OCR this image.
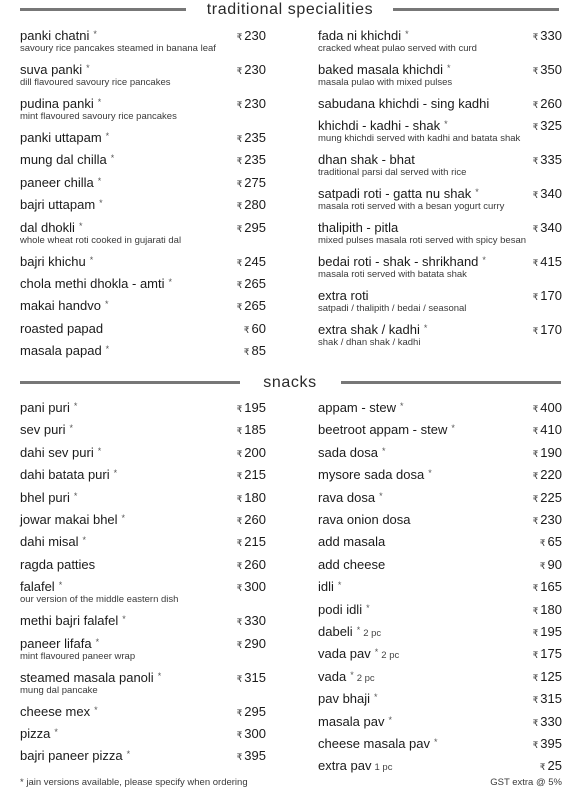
traditional specialities
panki chatni *	₹ 230
savoury rice pancakes steamed in banana leaf
suva panki *	₹ 230
dill flavoured savoury rice pancakes
pudina panki *	₹ 230
mint flavoured savoury rice pancakes
panki uttapam *	₹ 235
mung dal chilla *	₹ 235
paneer chilla *	₹ 275
bajri uttapam *	₹ 280
dal dhokli *	₹ 295
whole wheat roti cooked in gujarati dal
bajri khichu *	₹ 245
chola methi dhokla - amti *	₹ 265
makai handvo *	₹ 265
roasted papad	₹ 60
masala papad *	₹ 85
fada ni khichdi *	₹ 330
cracked wheat pulao served with curd
baked masala khichdi *	₹ 350
masala pulao with mixed pulses
sabudana khichdi - sing kadhi	₹ 260
khichdi - kadhi - shak *	₹ 325
mung khichdi served with kadhi and batata shak
dhan shak - bhat	₹ 335
traditional parsi dal served with rice
satpadi roti - gatta nu shak *	₹ 340
masala roti served with a besan yogurt curry
thalipith - pitla	₹ 340
mixed pulses masala roti served with spicy besan
bedai roti - shak - shrikhand *	₹ 415
masala roti served with batata shak
extra roti	₹ 170
satpadi / thalipith / bedai / seasonal
extra shak / kadhi *	₹ 170
shak / dhan shak / kadhi
snacks
pani puri *	₹ 195
sev puri *	₹ 185
dahi sev puri *	₹ 200
dahi batata puri *	₹ 215
bhel puri *	₹ 180
jowar makai bhel *	₹ 260
dahi misal *	₹ 215
ragda patties	₹ 260
falafel *	₹ 300
our version of the middle eastern dish
methi bajri falafel *	₹ 330
paneer lifafa *	₹ 290
mint flavoured paneer wrap
steamed masala panoli *	₹ 315
mung dal pancake
cheese mex *	₹ 295
pizza *	₹ 300
bajri paneer pizza *	₹ 395
appam - stew *	₹ 400
beetroot appam - stew *	₹ 410
sada dosa *	₹ 190
mysore sada dosa *	₹ 220
rava dosa *	₹ 225
rava onion dosa	₹ 230
add masala	₹ 65
add cheese	₹ 90
idli *	₹ 165
podi idli *	₹ 180
dabeli * 2 pc	₹ 195
vada pav * 2 pc	₹ 175
vada * 2 pc	₹ 125
pav bhaji *	₹ 315
masala pav *	₹ 330
cheese masala pav *	₹ 395
extra pav 1 pc	₹ 25
* jain versions available, please specify when ordering	GST extra @ 5%
